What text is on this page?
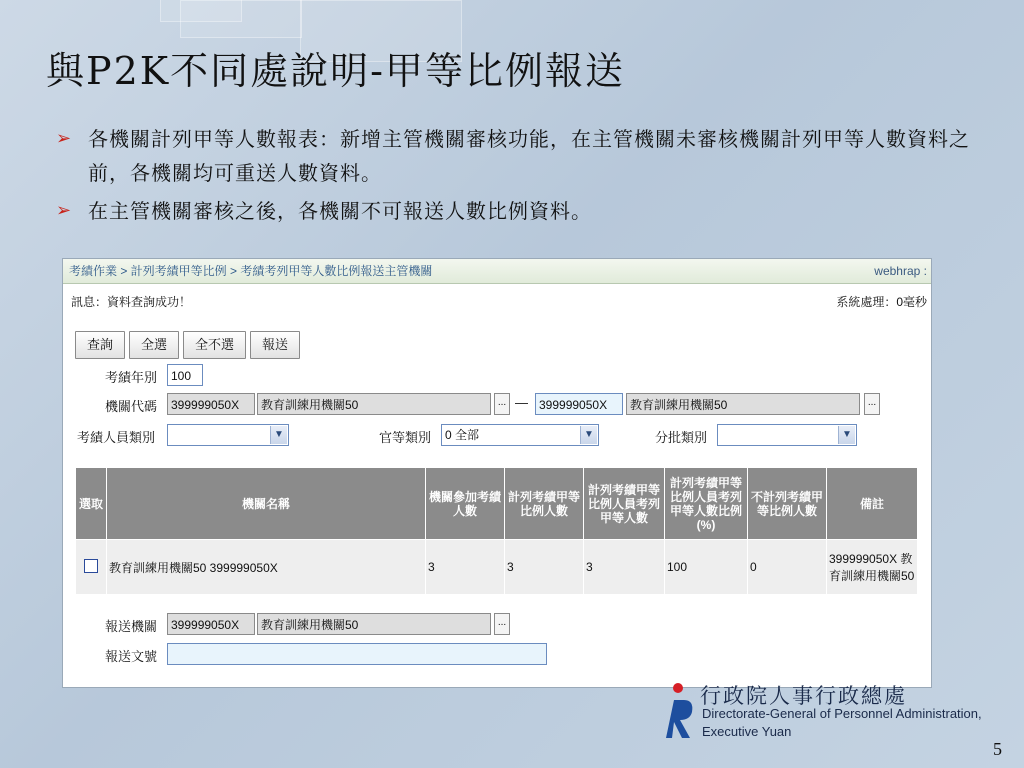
與P2K不同處說明-甲等比例報送
➢ 各機關計列甲等人數報表：新增主管機關審核功能，在主管機關未審核機關計列甲等人數資料之前，各機關均可重送人數資料。
➢ 在主管機關審核之後，各機關不可報送人數比例資料。
考績作業 > 計列考績甲等比例 > 考績考列甲等人數比例報送主管機關	webhrap :
訊息：資料查詢成功！	系統處理：0毫秒
查詢 全選 全不選 報送
考績年別	100
機關代碼	399999050X	教育訓練用機關50	... — 399999050X	教育訓練用機關50	...
考績人員類別	▼	官等類別	0 全部	▼	分批類別	▼
選取	機關名稱	機關參加考績人數	計列考績甲等比例人數	計列考績甲等比例人員考列甲等人數	計列考績甲等比例人員考列甲等人數比例(%)	不計列考績甲等比例人數	備註
	教育訓練用機關50 399999050X	3	3	3	100	0	399999050X 教育訓練用機關50
報送機關	399999050X	教育訓練用機關50	...
報送文號
行政院人事行政總處
Directorate-General of Personnel Administration,
Executive Yuan
5
